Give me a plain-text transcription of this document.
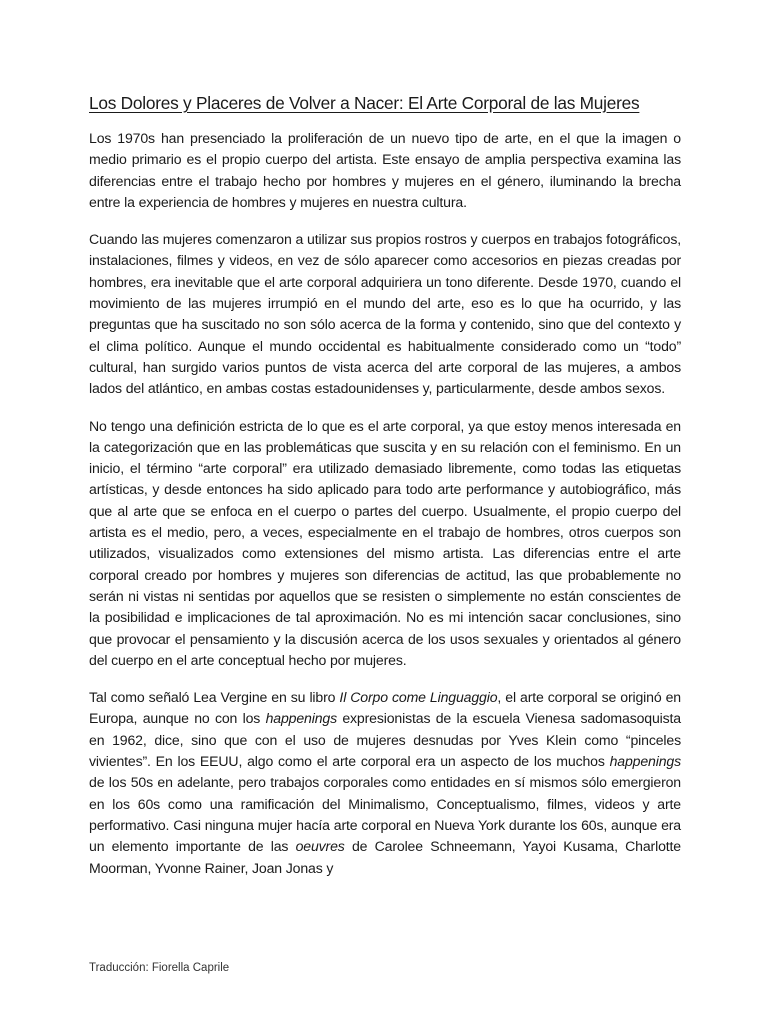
Los Dolores y Placeres de Volver a Nacer: El Arte Corporal de las Mujeres

Los 1970s han presenciado la proliferación de un nuevo tipo de arte, en el que la imagen o medio primario es el propio cuerpo del artista. Este ensayo de amplia perspectiva examina las diferencias entre el trabajo hecho por hombres y mujeres en el género, iluminando la brecha entre la experiencia de hombres y mujeres en nuestra cultura.

Cuando las mujeres comenzaron a utilizar sus propios rostros y cuerpos en trabajos fotográficos, instalaciones, filmes y videos, en vez de sólo aparecer como accesorios en piezas creadas por hombres, era inevitable que el arte corporal adquiriera un tono diferente. Desde 1970, cuando el movimiento de las mujeres irrumpió en el mundo del arte, eso es lo que ha ocurrido, y las preguntas que ha suscitado no son sólo acerca de la forma y contenido, sino que del contexto y el clima político. Aunque el mundo occidental es habitualmente considerado como un “todo” cultural, han surgido varios puntos de vista acerca del arte corporal de las mujeres, a ambos lados del atlántico, en ambas costas estadounidenses y, particularmente, desde ambos sexos.

No tengo una definición estricta de lo que es el arte corporal, ya que estoy menos interesada en la categorización que en las problemáticas que suscita y en su relación con el feminismo. En un inicio, el término “arte corporal” era utilizado demasiado libremente, como todas las etiquetas artísticas, y desde entonces ha sido aplicado para todo arte performance y autobiográfico, más que al arte que se enfoca en el cuerpo o partes del cuerpo. Usualmente, el propio cuerpo del artista es el medio, pero, a veces, especialmente en el trabajo de hombres, otros cuerpos son utilizados, visualizados como extensiones del mismo artista. Las diferencias entre el arte corporal creado por hombres y mujeres son diferencias de actitud, las que probablemente no serán ni vistas ni sentidas por aquellos que se resisten o simplemente no están conscientes de la posibilidad e implicaciones de tal aproximación. No es mi intención sacar conclusiones, sino que provocar el pensamiento y la discusión acerca de los usos sexuales y orientados al género del cuerpo en el arte conceptual hecho por mujeres.

Tal como señaló Lea Vergine en su libro Il Corpo come Linguaggio, el arte corporal se originó en Europa, aunque no con los happenings expresionistas de la escuela Vienesa sadomasoquista en 1962, dice, sino que con el uso de mujeres desnudas por Yves Klein como “pinceles vivientes”. En los EEUU, algo como el arte corporal era un aspecto de los muchos happenings de los 50s en adelante, pero trabajos corporales como entidades en sí mismos sólo emergieron en los 60s como una ramificación del Minimalismo, Conceptualismo, filmes, videos y arte performativo. Casi ninguna mujer hacía arte corporal en Nueva York durante los 60s, aunque era un elemento importante de las oeuvres de Carolee Schneemann, Yayoi Kusama, Charlotte Moorman, Yvonne Rainer, Joan Jonas y

Traducción: Fiorella Caprile
